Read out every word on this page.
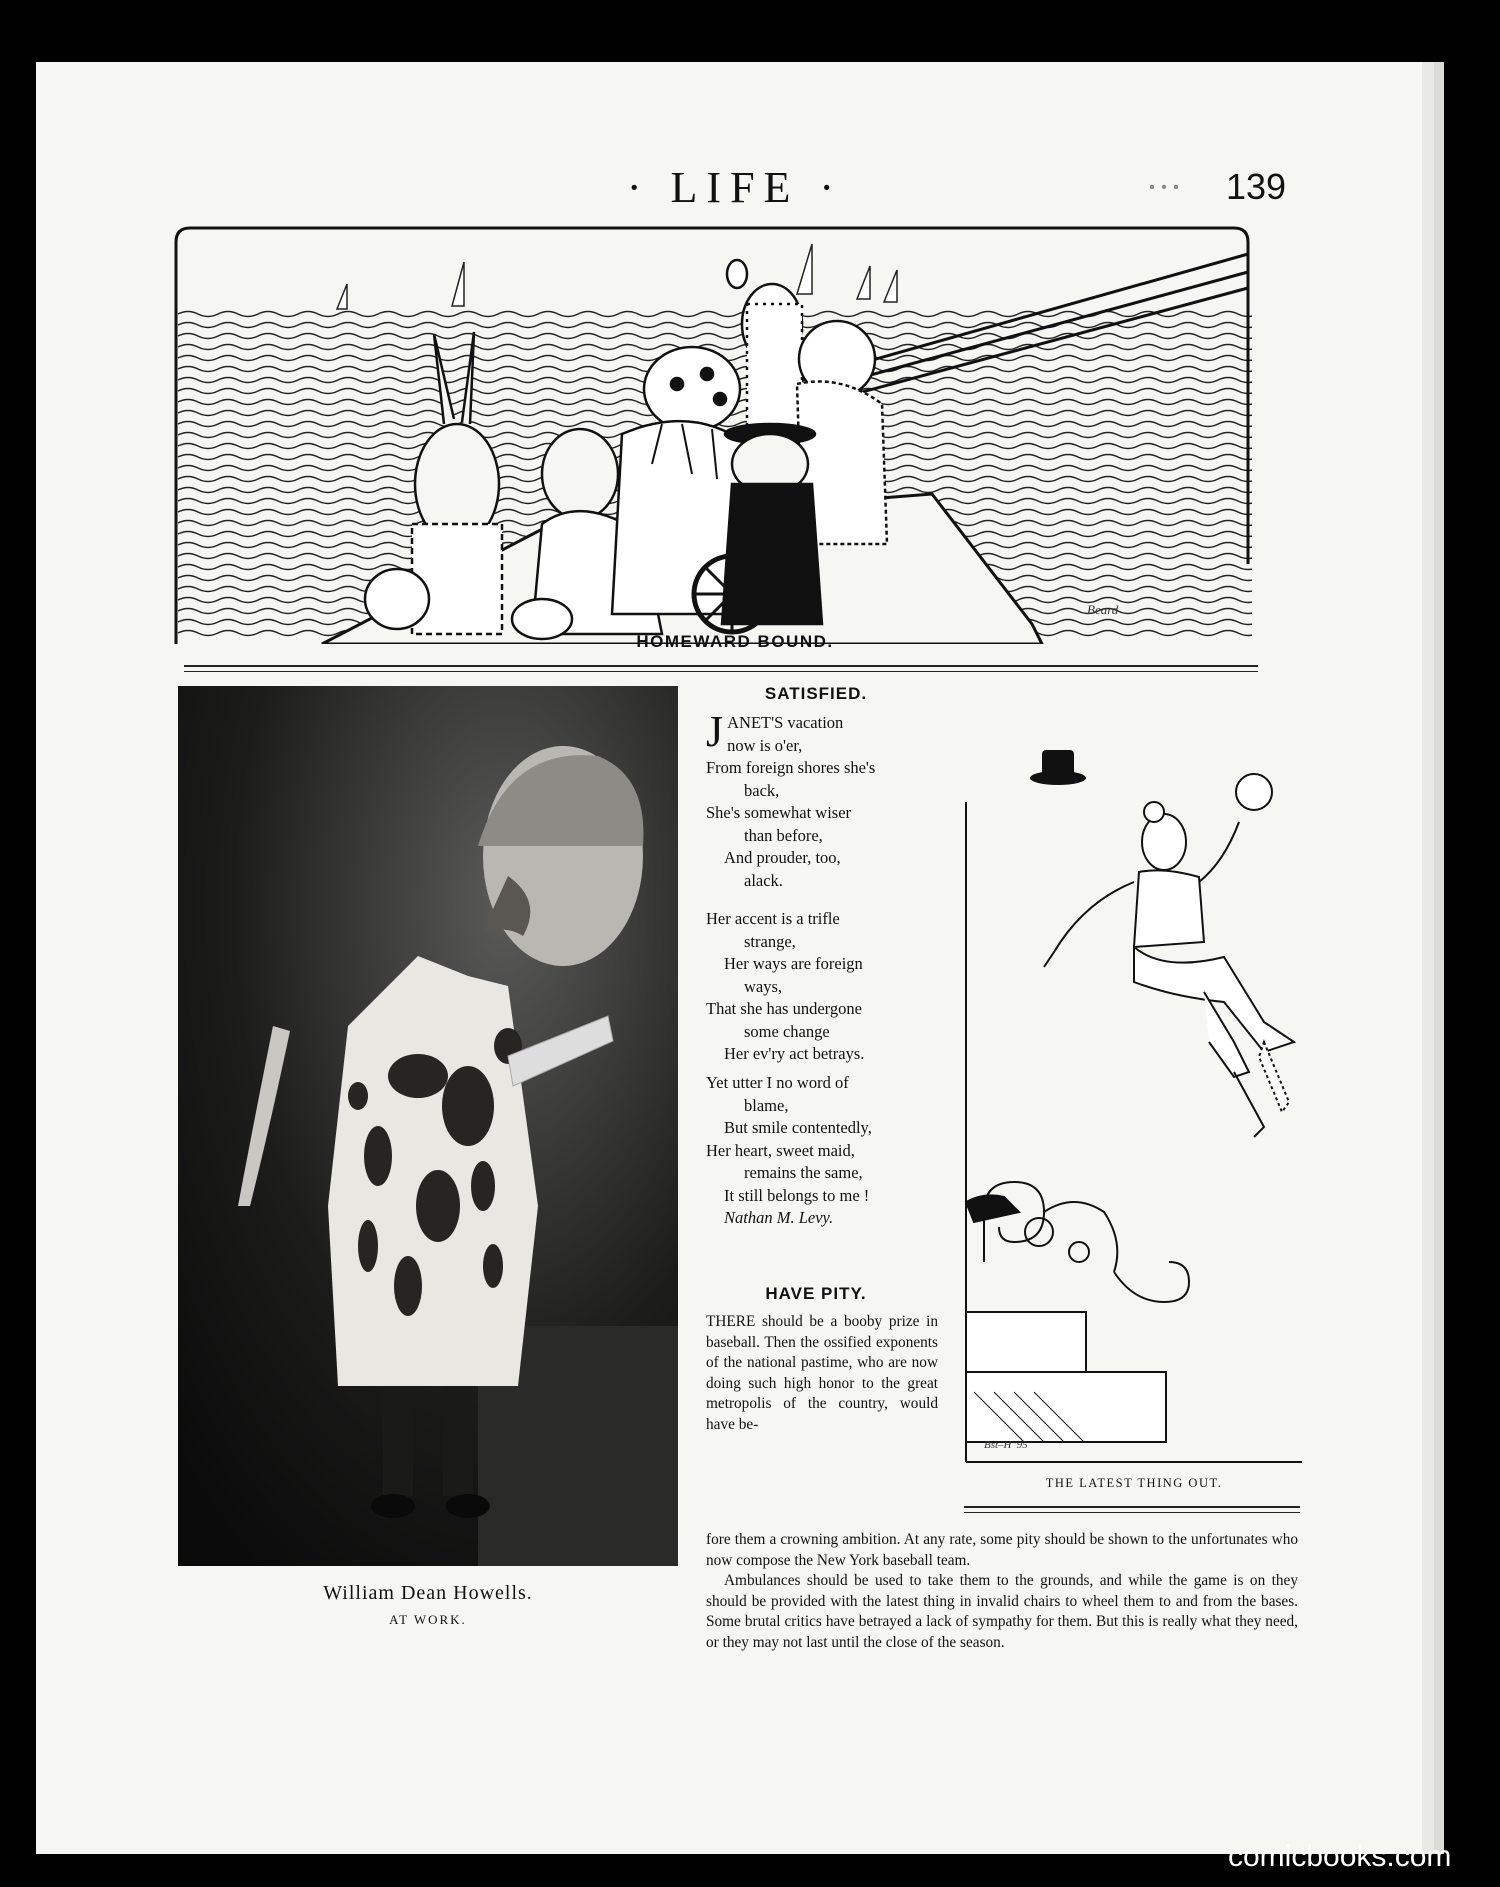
· LIFE ·	··· 139
Beard
HOMEWARD BOUND.
William Dean Howells.
AT WORK.
SATISFIED.
J ANET'S vacation
now is o'er,
From foreign shores she's
back,
She's somewhat wiser
than before,
And prouder, too,
alack.
Her accent is a trifle
strange,
Her ways are foreign
ways,
That she has undergone
some change
Her ev'ry act betrays.
Yet utter I no word of
blame,
But smile contentedly,
Her heart, sweet maid,
remains the same,
It still belongs to me !
Nathan M. Levy.
HAVE PITY.
THERE should be a booby prize in baseball. Then the ossified exponents of the national pastime, who are now doing such high honor to the great metropolis of the country, would have be-
fore them a crowning ambition. At any rate, some pity should be shown to the unfortunates who now compose the New York baseball team.
Ambulances should be used to take them to the grounds, and while the game is on they should be provided with the latest thing in invalid chairs to wheel them to and from the bases. Some brutal critics have betrayed a lack of sympathy for them. But this is really what they need, or they may not last until the close of the season.
Bst–H '95
THE LATEST THING OUT.
comicbooks.com
